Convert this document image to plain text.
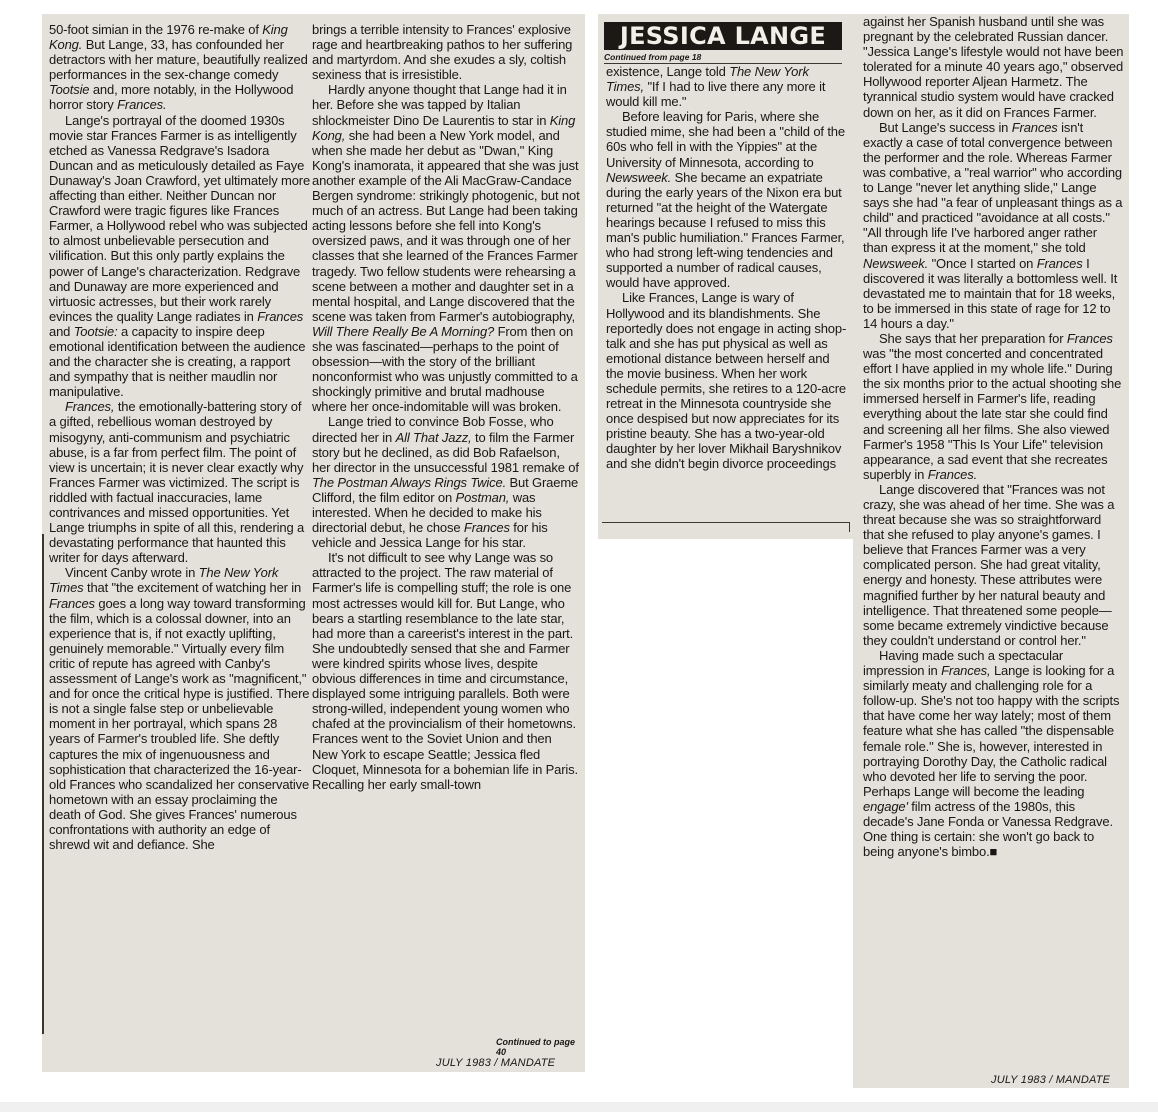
50-foot simian in the 1976 re-make of King Kong. But Lange, 33, has confounded her detractors with her mature, beautifully realized performances in the sex-change comedy Tootsie and, more notably, in the Hollywood horror story Frances.

Lange's portrayal of the doomed 1930s movie star Frances Farmer is as intelligently etched as Vanessa Redgrave's Isadora Duncan and as meticulously detailed as Faye Dunaway's Joan Crawford, yet ultimately more affecting than either. Neither Duncan nor Crawford were tragic figures like Frances Farmer, a Hollywood rebel who was subjected to almost unbelievable persecution and vilification. But this only partly explains the power of Lange's characterization. Redgrave and Dunaway are more experienced and virtuosic actresses, but their work rarely evinces the quality Lange radiates in Frances and Tootsie: a capacity to inspire deep emotional identification between the audience and the character she is creating, a rapport and sympathy that is neither maudlin nor manipulative.

Frances, the emotionally-battering story of a gifted, rebellious woman destroyed by misogyny, anti-communism and psychiatric abuse, is a far from perfect film. The point of view is uncertain; it is never clear exactly why Frances Farmer was victimized. The script is riddled with factual inaccuracies, lame contrivances and missed opportunities. Yet Lange triumphs in spite of all this, rendering a devastating performance that haunted this writer for days afterward.

Vincent Canby wrote in The New York Times that "the excitement of watching her in Frances goes a long way toward transforming the film, which is a colossal downer, into an experience that is, if not exactly uplifting, genuinely memorable." Virtually every film critic of repute has agreed with Canby's assessment of Lange's work as "magnificent," and for once the critical hype is justified. There is not a single false step or unbelievable moment in her portrayal, which spans 28 years of Farmer's troubled life. She deftly captures the mix of ingenuousness and sophistication that characterized the 16-year-old Frances who scandalized her conservative hometown with an essay proclaiming the death of God. She gives Frances' numerous confrontations with authority an edge of shrewd wit and defiance. She

brings a terrible intensity to Frances' explosive rage and heartbreaking pathos to her suffering and martyrdom. And she exudes a sly, coltish sexiness that is irresistible.

Hardly anyone thought that Lange had it in her. Before she was tapped by Italian shlockmeister Dino De Laurentis to star in King Kong, she had been a New York model, and when she made her debut as "Dwan," King Kong's inamorata, it appeared that she was just another example of the Ali MacGraw-Candace Bergen syndrome: strikingly photogenic, but not much of an actress. But Lange had been taking acting lessons before she fell into Kong's oversized paws, and it was through one of her classes that she learned of the Frances Farmer tragedy. Two fellow students were rehearsing a scene between a mother and daughter set in a mental hospital, and Lange discovered that the scene was taken from Farmer's autobiography, Will There Really Be A Morning? From then on she was fascinated—perhaps to the point of obsession—with the story of the brilliant nonconformist who was unjustly committed to a shockingly primitive and brutal madhouse where her once-indomitable will was broken.

Lange tried to convince Bob Fosse, who directed her in All That Jazz, to film the Farmer story but he declined, as did Bob Rafaelson, her director in the unsuccessful 1981 remake of The Postman Always Rings Twice. But Graeme Clifford, the film editor on Postman, was interested. When he decided to make his directorial debut, he chose Frances for his vehicle and Jessica Lange for his star.

It's not difficult to see why Lange was so attracted to the project. The raw material of Farmer's life is compelling stuff; the role is one most actresses would kill for. But Lange, who bears a startling resemblance to the late star, had more than a careerist's interest in the part. She undoubtedly sensed that she and Farmer were kindred spirits whose lives, despite obvious differences in time and circumstance, displayed some intriguing parallels. Both were strong-willed, independent young women who chafed at the provincialism of their hometowns. Frances went to the Soviet Union and then New York to escape Seattle; Jessica fled Cloquet, Minnesota for a bohemian life in Paris. Recalling her early small-town

Continued to page 40
JULY 1983 / MANDATE
JESSICA LANGE
Continued from page 18

existence, Lange told The New York Times, "If I had to live there any more it would kill me."

Before leaving for Paris, where she studied mime, she had been a "child of the 60s who fell in with the Yippies" at the University of Minnesota, according to Newsweek. She became an expatriate during the early years of the Nixon era but returned "at the height of the Watergate hearings because I refused to miss this man's public humiliation." Frances Farmer, who had strong left-wing tendencies and supported a number of radical causes, would have approved.

Like Frances, Lange is wary of Hollywood and its blandishments. She reportedly does not engage in acting shop-talk and she has put physical as well as emotional distance between herself and the movie business. When her work schedule permits, she retires to a 120-acre retreat in the Minnesota countryside she once despised but now appreciates for its pristine beauty. She has a two-year-old daughter by her lover Mikhail Baryshnikov and she didn't begin divorce proceedings

against her Spanish husband until she was pregnant by the celebrated Russian dancer. "Jessica Lange's lifestyle would not have been tolerated for a minute 40 years ago," observed Hollywood reporter Aljean Harmetz. The tyrannical studio system would have cracked down on her, as it did on Frances Farmer.

But Lange's success in Frances isn't exactly a case of total convergence between the performer and the role. Whereas Farmer was combative, a "real warrior" who according to Lange "never let anything slide," Lange says she had "a fear of unpleasant things as a child" and practiced "avoidance at all costs." "All through life I've harbored anger rather than express it at the moment," she told Newsweek. "Once I started on Frances I discovered it was literally a bottomless well. It devastated me to maintain that for 18 weeks, to be immersed in this state of rage for 12 to 14 hours a day."

She says that her preparation for Frances was "the most concerted and concentrated effort I have applied in my whole life." During the six months prior to the actual shooting she immersed herself in Farmer's life, reading everything about the late star she could find and screening all her films. She also viewed Farmer's 1958 "This Is Your Life" television appearance, a sad event that she recreates superbly in Frances.

Lange discovered that "Frances was not crazy, she was ahead of her time. She was a threat because she was so straightforward that she refused to play anyone's games. I believe that Frances Farmer was a very complicated person. She had great vitality, energy and honesty. These attributes were magnified further by her natural beauty and intelligence. That threatened some people—some became extremely vindictive because they couldn't understand or control her."

Having made such a spectacular impression in Frances, Lange is looking for a similarly meaty and challenging role for a follow-up. She's not too happy with the scripts that have come her way lately; most of them feature what she has called "the dispensable female role." She is, however, interested in portraying Dorothy Day, the Catholic radical who devoted her life to serving the poor. Perhaps Lange will become the leading engage' film actress of the 1980s, this decade's Jane Fonda or Vanessa Redgrave. One thing is certain: she won't go back to being anyone's bimbo.■

JULY 1983 / MANDATE
